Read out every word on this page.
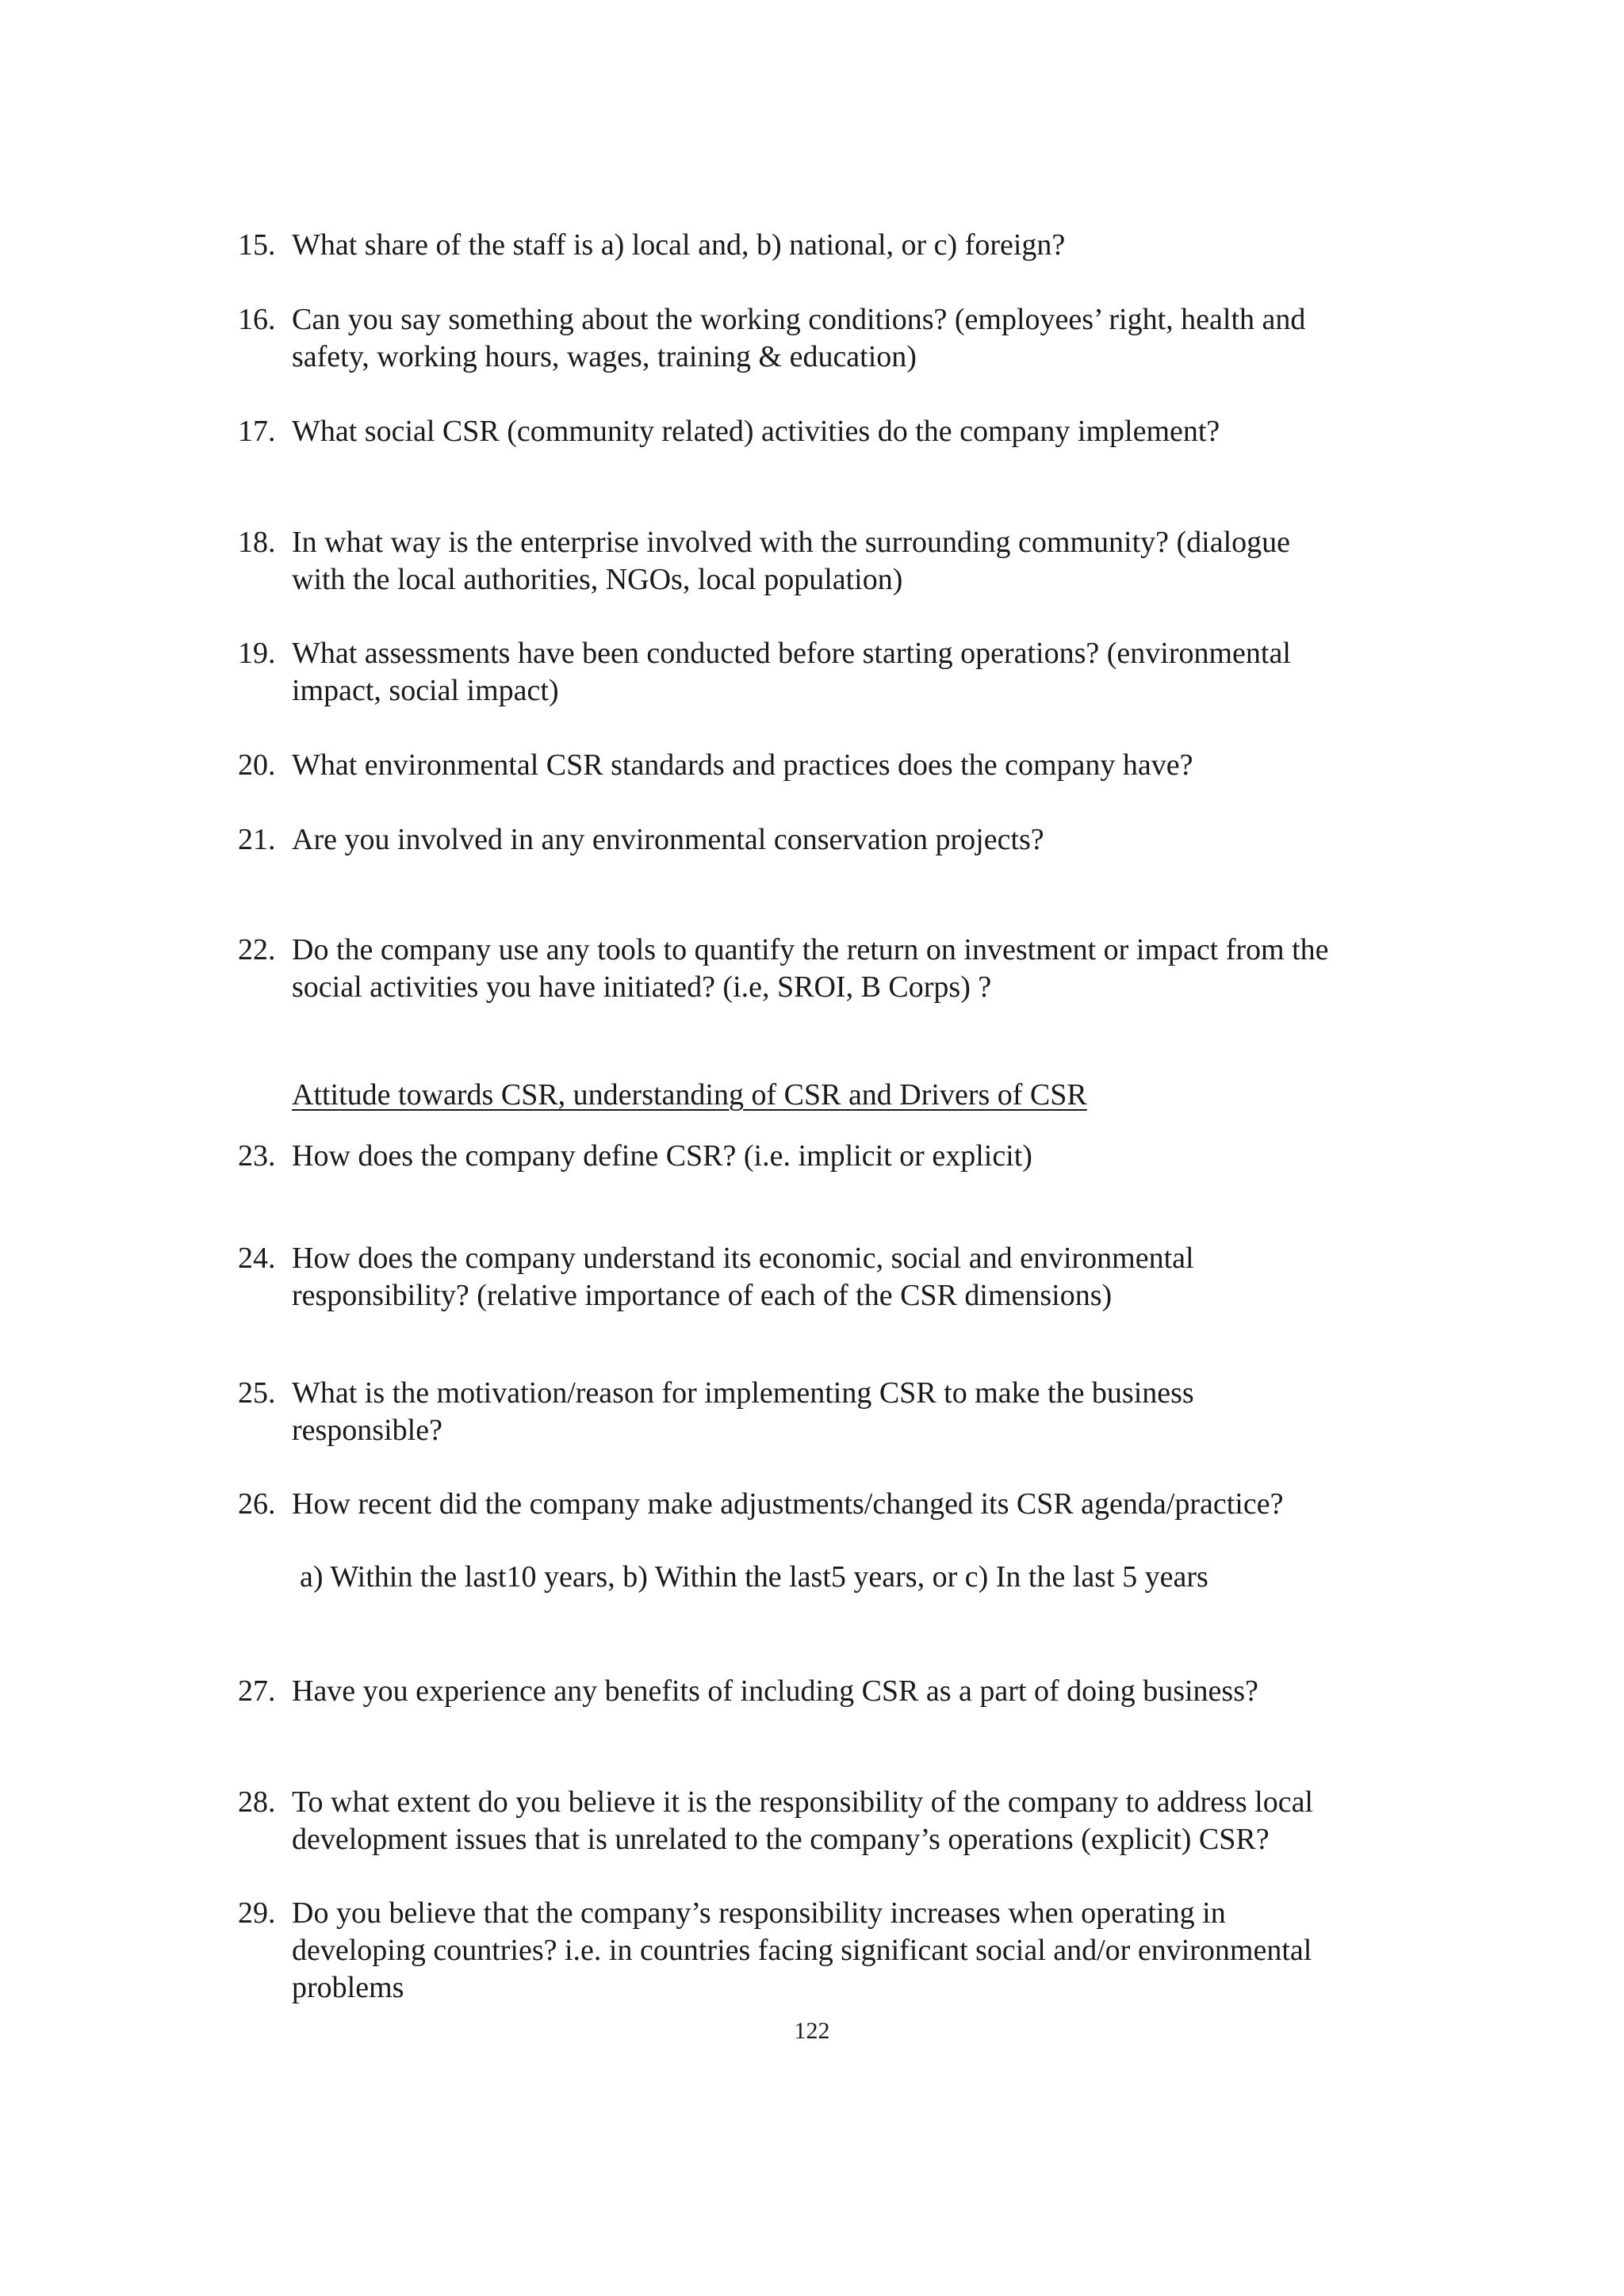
15. What share of the staff is a) local and, b) national, or c) foreign?
16. Can you say something about the working conditions? (employees’ right, health and
safety, working hours, wages, training & education)
17. What social CSR (community related) activities do the company implement?
18. In what way is the enterprise involved with the surrounding community? (dialogue
with the local authorities, NGOs, local population)
19. What assessments have been conducted before starting operations? (environmental
impact, social impact)
20. What environmental CSR standards and practices does the company have?
21. Are you involved in any environmental conservation projects?
22. Do the company use any tools to quantify the return on investment or impact from the
social activities you have initiated? (i.e, SROI, B Corps) ?
Attitude towards CSR, understanding of CSR and Drivers of CSR
23. How does the company define CSR? (i.e. implicit or explicit)
24. How does the company understand its economic, social and environmental
responsibility? (relative importance of each of the CSR dimensions)
25. What is the motivation/reason for implementing CSR to make the business
responsible?
26. How recent did the company make adjustments/changed its CSR agenda/practice?
a) Within the last10 years, b) Within the last5 years, or c) In the last 5 years
27. Have you experience any benefits of including CSR as a part of doing business?
28. To what extent do you believe it is the responsibility of the company to address local
development issues that is unrelated to the company’s operations (explicit) CSR?
29. Do you believe that the company’s responsibility increases when operating in
developing countries? i.e. in countries facing significant social and/or environmental
problems
122
